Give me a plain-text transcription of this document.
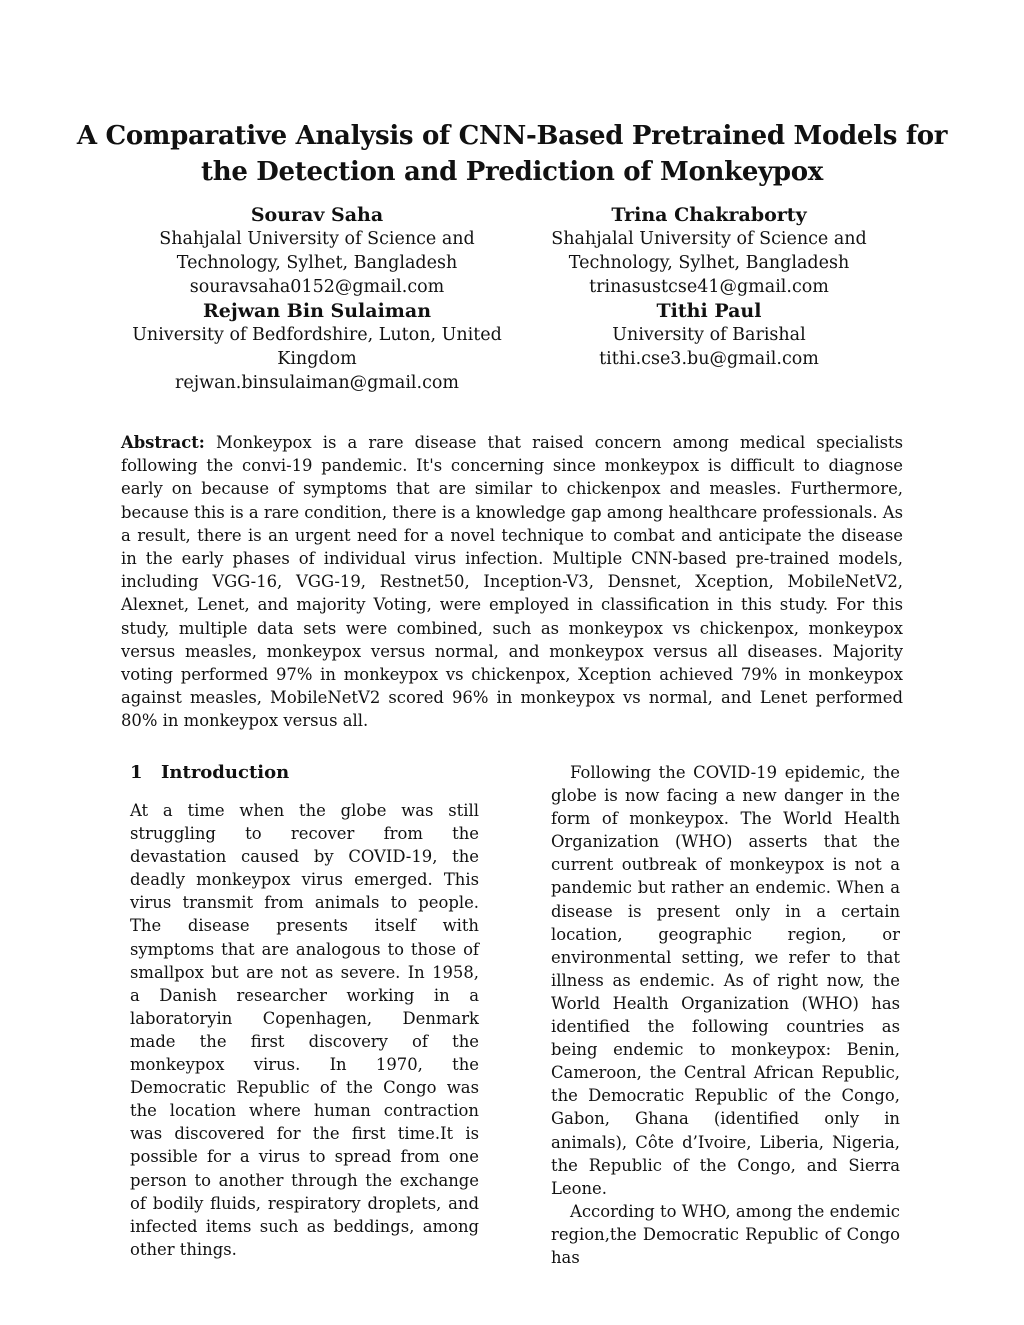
A Comparative Analysis of CNN-Based Pretrained Models for
the Detection and Prediction of Monkeypox
Sourav Saha
Shahjalal University of Science and
Technology, Sylhet, Bangladesh
souravsaha0152@gmail.com
Rejwan Bin Sulaiman
University of Bedfordshire, Luton, United Kingdom
rejwan.binsulaiman@gmail.com
Trina Chakraborty
Shahjalal University of Science and
Technology, Sylhet, Bangladesh
trinasustcse41@gmail.com
Tithi Paul
University of Barishal
tithi.cse3.bu@gmail.com

Abstract: Monkeypox is a rare disease that raised concern among medical specialists following the convi-19 pandemic. It's concerning since monkeypox is difficult to diagnose early on because of symptoms that are similar to chickenpox and measles. Furthermore, because this is a rare condition, there is a knowledge gap among healthcare professionals. As a result, there is an urgent need for a novel technique to combat and anticipate the disease in the early phases of individual virus infection. Multiple CNN-based pre-trained models, including VGG-16, VGG-19, Restnet50, Inception-V3, Densnet, Xception, MobileNetV2, Alexnet, Lenet, and majority Voting, were employed in classification in this study. For this study, multiple data sets were combined, such as monkeypox vs chickenpox, monkeypox versus measles, monkeypox versus normal, and monkeypox versus all diseases. Majority voting performed 97% in monkeypox vs chickenpox, Xception achieved 79% in monkeypox against measles, MobileNetV2 scored 96% in monkeypox vs normal, and Lenet performed 80% in monkeypox versus all.

1	Introduction

At a time when the globe was still struggling to recover from the devastation caused by COVID-19, the deadly monkeypox virus emerged. This virus transmit from animals to people. The disease presents itself with symptoms that are analogous to those of smallpox but are not as severe. In 1958, a Danish researcher working in a laboratoryin Copenhagen, Denmark made the first discovery of the monkeypox virus. In 1970, the Democratic Republic of the Congo was the location where human contraction was discovered for the first time.It is possible for a virus to spread from one person to another through the exchange of bodily fluids, respiratory droplets, and infected items such as beddings, among other things.

Following the COVID-19 epidemic, the globe is now facing a new danger in the form of monkeypox. The World Health Organization (WHO) asserts that the current outbreak of monkeypox is not a pandemic but rather an endemic. When a disease is present only in a certain location, geographic region, or environmental setting, we refer to that illness as endemic. As of right now, the World Health Organization (WHO) has identified the following countries as being endemic to monkeypox: Benin, Cameroon, the Central African Republic, the Democratic Republic of the Congo, Gabon, Ghana (identified only in animals), Côte d’Ivoire, Liberia, Nigeria, the Republic of the Congo, and Sierra Leone.

According to WHO, among the endemic region,the Democratic Republic of Congo has
